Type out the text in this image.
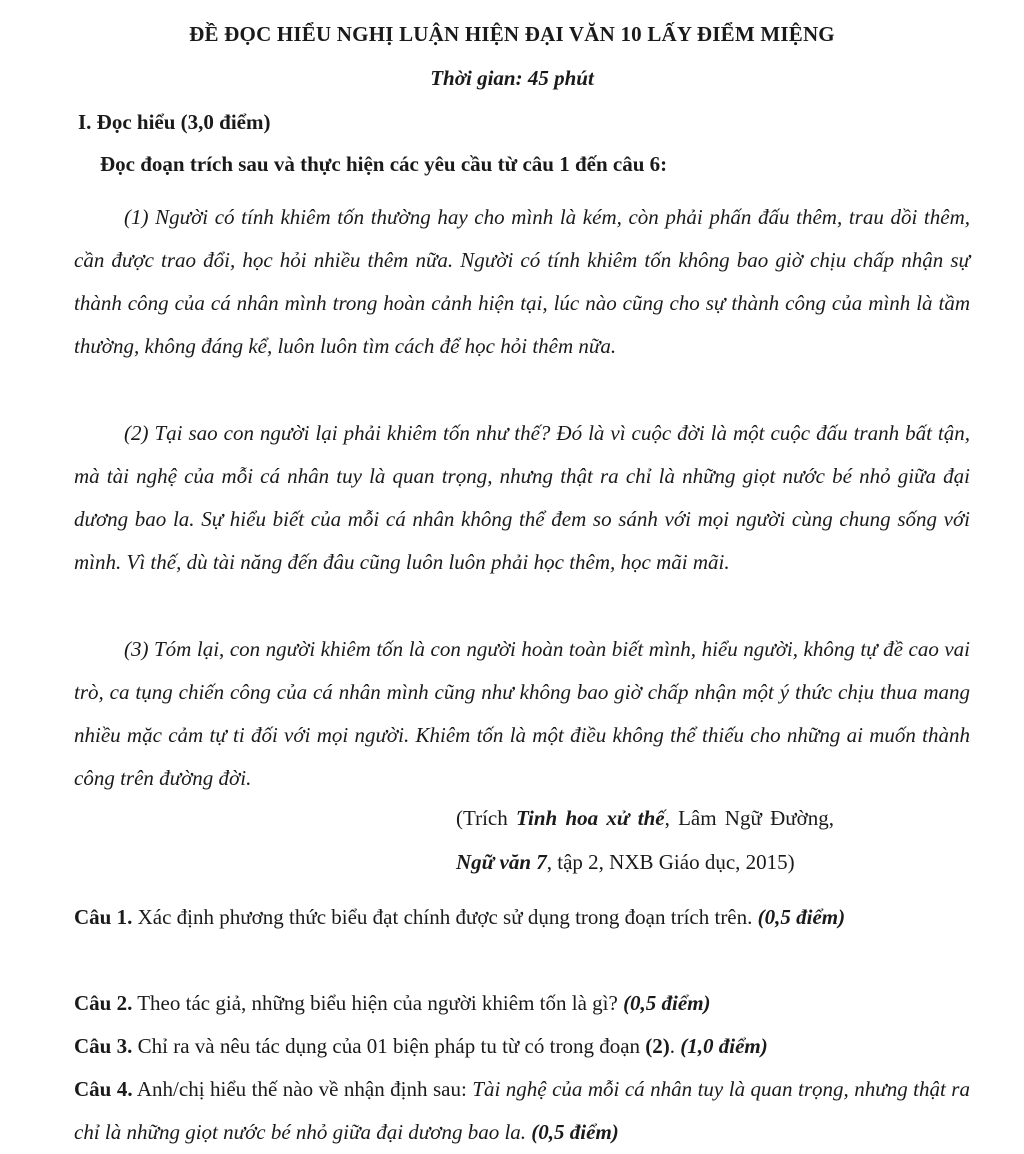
ĐỀ ĐỌC HIỂU NGHỊ LUẬN HIỆN ĐẠI VĂN 10 LẤY ĐIỂM MIỆNG
Thời gian: 45 phút
I. Đọc hiểu (3,0 điểm)
Đọc đoạn trích sau và thực hiện các yêu cầu từ câu 1 đến câu 6:
(1) Người có tính khiêm tốn thường hay cho mình là kém, còn phải phấn đấu thêm, trau dồi thêm, cần được trao đổi, học hỏi nhiều thêm nữa. Người có tính khiêm tốn không bao giờ chịu chấp nhận sự thành công của cá nhân mình trong hoàn cảnh hiện tại, lúc nào cũng cho sự thành công của mình là tầm thường, không đáng kể, luôn luôn tìm cách để học hỏi thêm nữa.
(2) Tại sao con người lại phải khiêm tốn như thế? Đó là vì cuộc đời là một cuộc đấu tranh bất tận, mà tài nghệ của mỗi cá nhân tuy là quan trọng, nhưng thật ra chỉ là những giọt nước bé nhỏ giữa đại dương bao la. Sự hiểu biết của mỗi cá nhân không thể đem so sánh với mọi người cùng chung sống với mình. Vì thế, dù tài năng đến đâu cũng luôn luôn phải học thêm, học mãi mãi.
(3) Tóm lại, con người khiêm tốn là con người hoàn toàn biết mình, hiểu người, không tự đề cao vai trò, ca tụng chiến công của cá nhân mình cũng như không bao giờ chấp nhận một ý thức chịu thua mang nhiều mặc cảm tự ti đối với mọi người. Khiêm tốn là một điều không thể thiếu cho những ai muốn thành công trên đường đời.
(Trích Tinh hoa xử thế, Lâm Ngữ Đường,
Ngữ văn 7, tập 2, NXB Giáo dục, 2015)
Câu 1. Xác định phương thức biểu đạt chính được sử dụng trong đoạn trích trên. (0,5 điểm)
Câu 2. Theo tác giả, những biểu hiện của người khiêm tốn là gì? (0,5 điểm)
Câu 3. Chỉ ra và nêu tác dụng của 01 biện pháp tu từ có trong đoạn (2). (1,0 điểm)
Câu 4. Anh/chị hiểu thế nào về nhận định sau: Tài nghệ của mỗi cá nhân tuy là quan trọng, nhưng thật ra chỉ là những giọt nước bé nhỏ giữa đại dương bao la. (0,5 điểm)
